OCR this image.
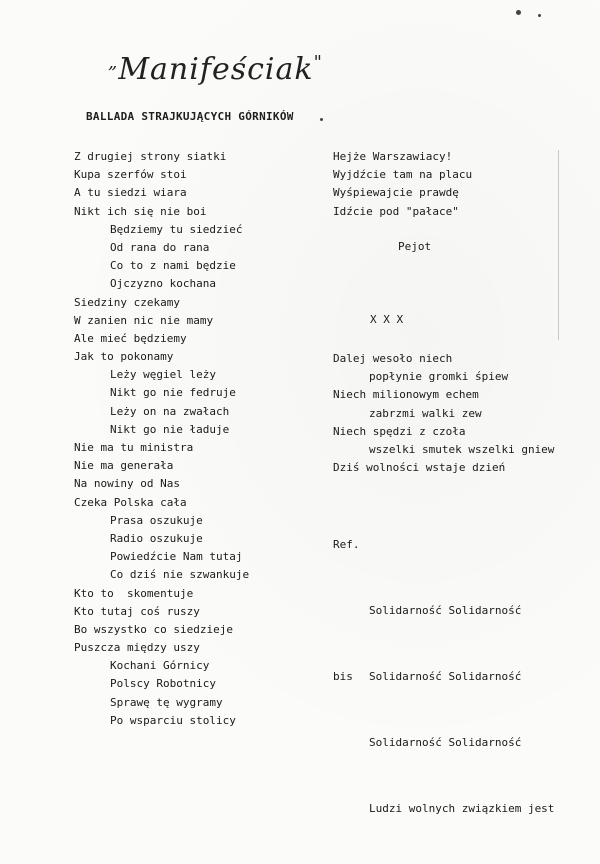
„Manifeściak"
BALLADA STRAJKUJĄCYCH GÓRNIKÓW
Z drugiej strony siatki
Kupa szerfów stoi
A tu siedzi wiara
Nikt ich się nie boi
Będziemy tu siedzieć
Od rana do rana
Co to z nami będzie
Ojczyzno kochana
Siedziny czekamy
W zanien nic nie mamy
Ale mieć będziemy
Jak to pokonamy
Leży węgiel leży
Nikt go nie fedruje
Leży on na zwałach
Nikt go nie ładuje
Nie ma tu ministra
Nie ma generała
Na nowiny od Nas
Czeka Polska cała
Prasa oszukuje
Radio oszukuje
Powiedźcie Nam tutaj
Co dziś nie szwankuje
Kto to  skomentuje
Kto tutaj coś ruszy
Bo wszystko co siedzieje
Puszcza między uszy
Kochani Górnicy
Polscy Robotnicy
Sprawę tę wygramy
Po wsparciu stolicy
Hejże Warszawiacy!
Wyjdźcie tam na placu
Wyśpiewajcie prawdę
Idźcie pod "pałace"
Pejot
X X X
Dalej wesoło niech
popłynie gromki śpiew
Niech milionowym echem
zabrzmi walki zew
Niech spędzi z czoła
wszelki smutek wszelki gniew
Dziś wolności wstaje dzień

Ref.

Solidarność Solidarność

bis Solidarność Solidarność

Solidarność Solidarność

Ludzi wolnych związkiem jest
